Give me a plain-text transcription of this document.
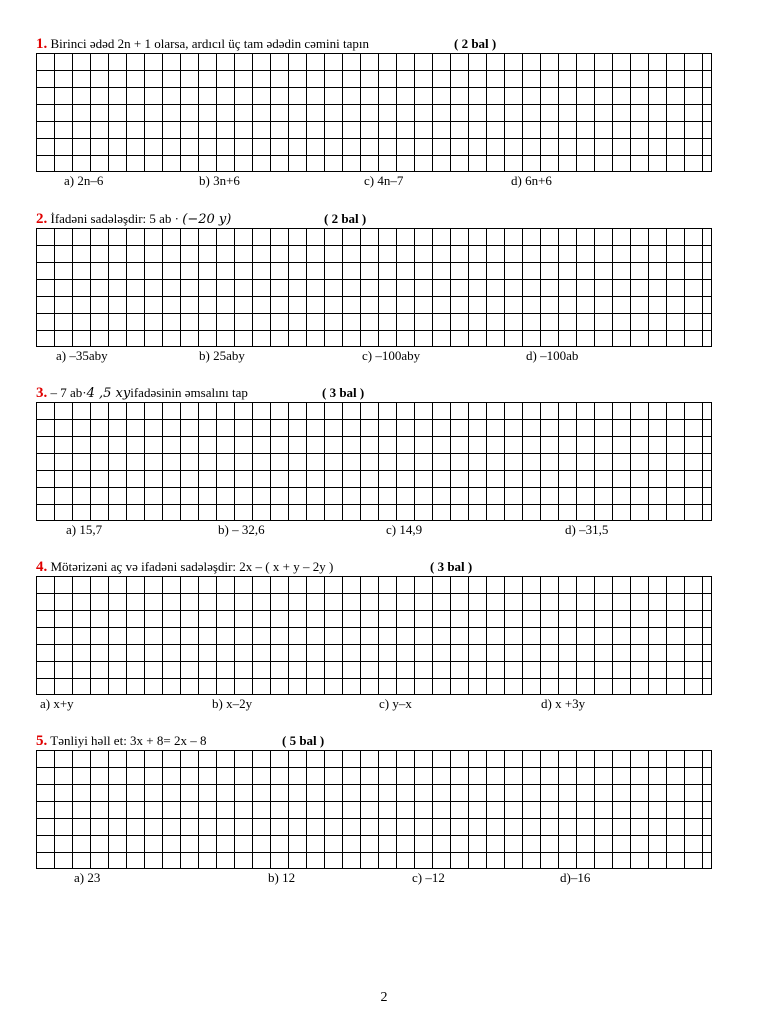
1. Birinci ədəd 2n + 1 olarsa, ardıcıl üç tam ədədin cəmini tapın	( 2 bal )
a) 2n–6	b) 3n+6	c) 4n–7	d) 6n+6
2. İfadəni sadələşdir: 5 ab · (−20 y)	( 2 bal )
a) –35aby	b) 25aby	c) –100aby	d) –100ab
3. – 7 ab·4 ,5 xyifadəsinin əmsalını tap	( 3 bal )
a) 15,7	b) – 32,6	c) 14,9	d) –31,5
4. Mötərizəni aç və ifadəni sadələşdir: 2x – ( x + y – 2y )	( 3 bal )
a) x+y	b) x–2y	c) y–x	d) x +3y
5. Tənliyi həll et: 3x + 8= 2x – 8	( 5 bal )
a) 23	b) 12	c) –12	d)–16
2
